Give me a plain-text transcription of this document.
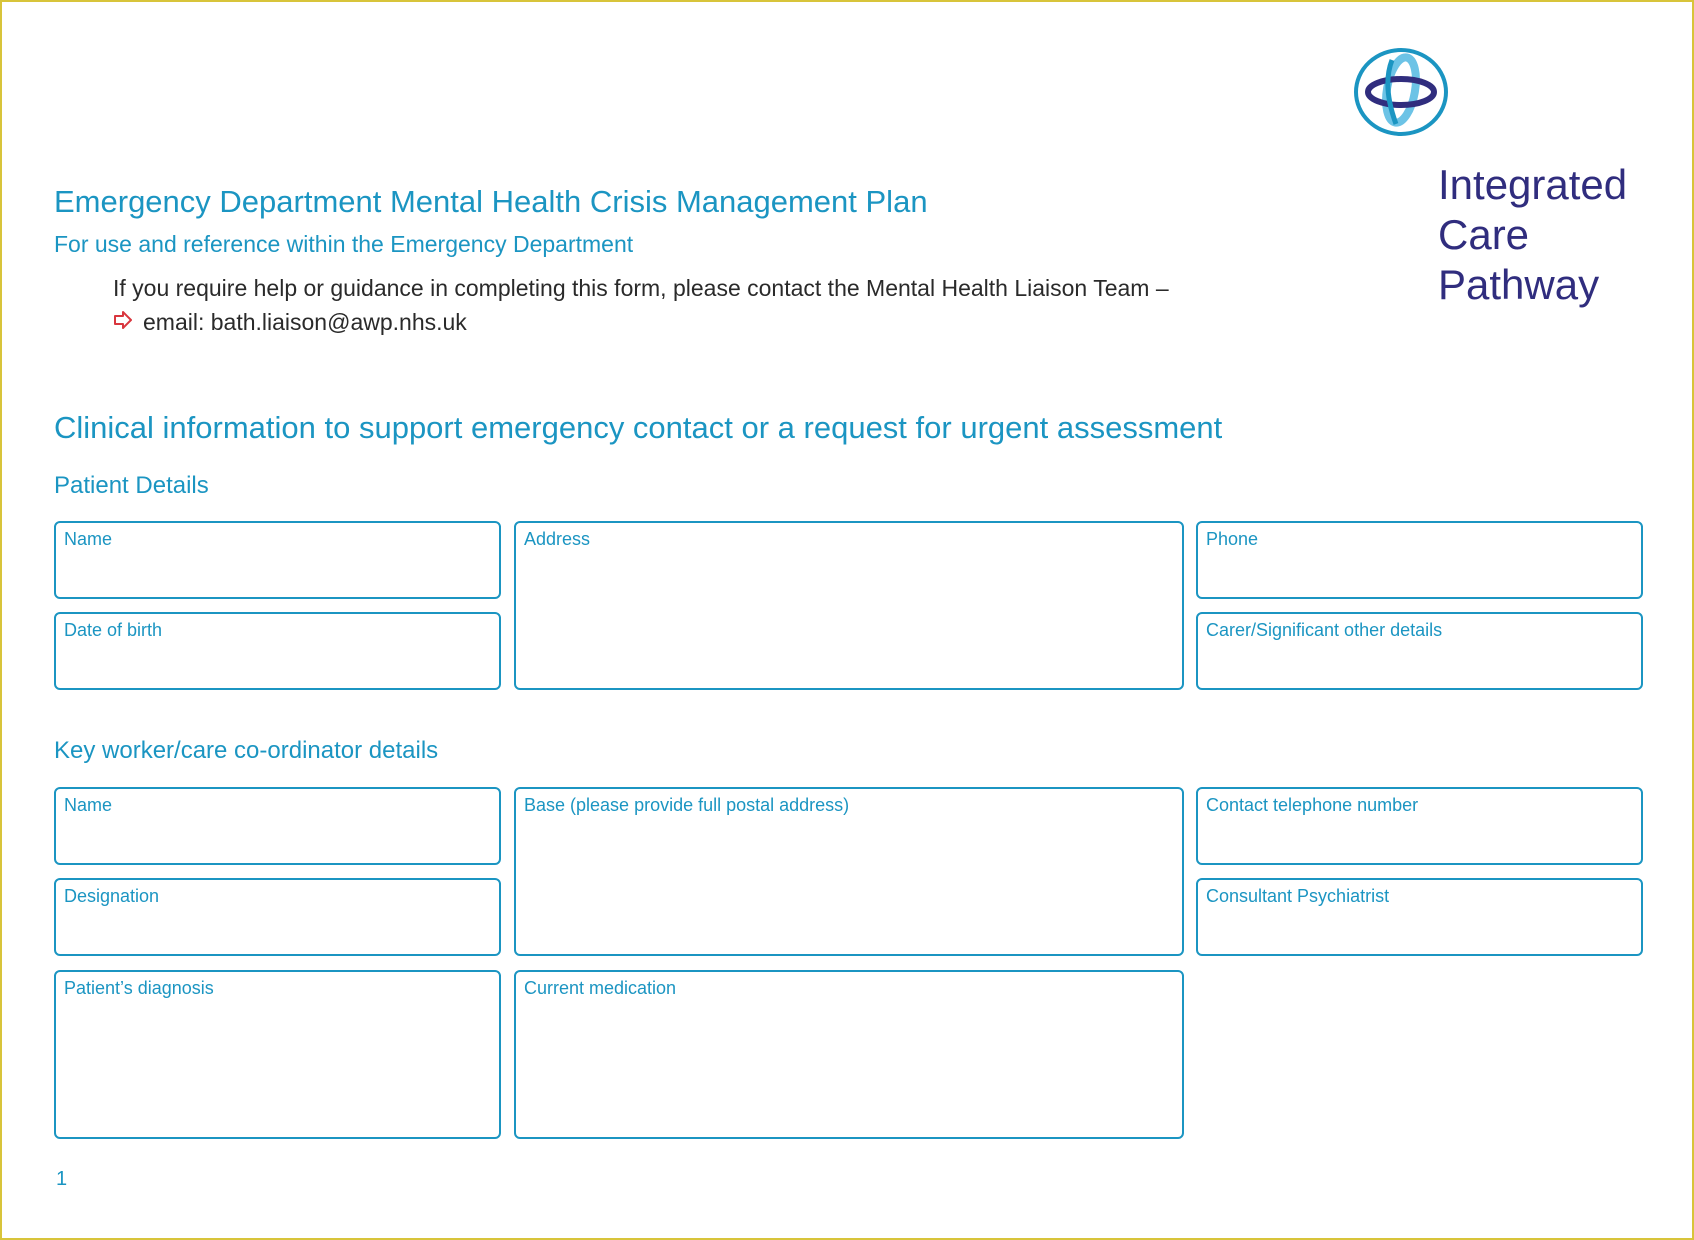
Integrated
Care
Pathway
Emergency Department Mental Health Crisis Management Plan
For use and reference within the Emergency Department
If you require help or guidance in completing this form, please contact the Mental Health Liaison Team –
email: bath.liaison@awp.nhs.uk
Clinical information to support emergency contact or a request for urgent assessment
Patient Details
Name	Address	Phone
Date of birth	Carer/Significant other details
Key worker/care co-ordinator details
Name	Base (please provide full postal address)	Contact telephone number
Designation	Consultant Psychiatrist
Patient’s diagnosis	Current medication
1
